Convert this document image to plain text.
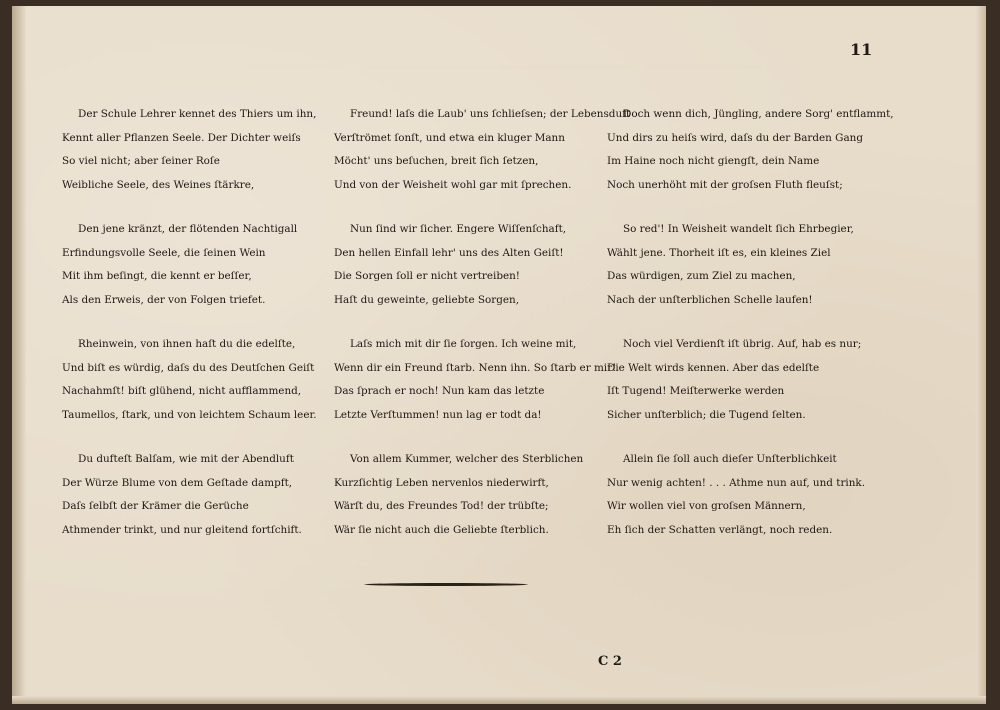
11
Der Schule Lehrer kennet des Thiers um ihn,
Kennt aller Pflanzen Seele. Der Dichter weiſs
So viel nicht; aber ſeiner Roſe
Weibliche Seele, des Weines ſtärkre,
Den jene kränzt, der flötenden Nachtigall
Erfindungsvolle Seele, die ſeinen Wein
Mit ihm beſingt, die kennt er beſſer,
Als den Erweis, der von Folgen triefet.
Rheinwein, von ihnen haſt du die edelſte,
Und biſt es würdig, daſs du des Deutſchen Geiſt
Nachahmſt! biſt glühend, nicht aufflammend,
Taumellos, ſtark, und von leichtem Schaum leer.
Du dufteſt Balſam, wie mit der Abendluft
Der Würze Blume von dem Geſtade dampft,
Daſs ſelbſt der Krämer die Gerüche
Athmender trinkt, und nur gleitend fortſchift.
Freund! laſs die Laub' uns ſchlieſsen; der Lebensduft
Verſtrömet ſonſt, und etwa ein kluger Mann
Möcht' uns beſuchen, breit ſich ſetzen,
Und von der Weisheit wohl gar mit ſprechen.
Nun ſind wir ſicher. Engere Wiſſenſchaft,
Den hellen Einfall lehr' uns des Alten Geiſt!
Die Sorgen ſoll er nicht vertreiben!
Haſt du geweinte, geliebte Sorgen,
Laſs mich mit dir ſie ſorgen. Ich weine mit,
Wenn dir ein Freund ſtarb. Nenn ihn. So ſtarb er mir!
Das ſprach er noch! Nun kam das letzte
Letzte Verſtummen! nun lag er todt da!
Von allem Kummer, welcher des Sterblichen
Kurzſichtig Leben nervenlos niederwirft,
Wärſt du, des Freundes Tod! der trübſte;
Wär ſie nicht auch die Geliebte ſterblich.
Doch wenn dich, Jüngling, andere Sorg' entflammt,
Und dirs zu heiſs wird, daſs du der Barden Gang
Im Haine noch nicht giengſt, dein Name
Noch unerhöht mit der groſsen Fluth fleuſst;
So red'! In Weisheit wandelt ſich Ehrbegier,
Wählt jene. Thorheit iſt es, ein kleines Ziel
Das würdigen, zum Ziel zu machen,
Nach der unſterblichen Schelle laufen!
Noch viel Verdienſt iſt übrig. Auf, hab es nur;
Die Welt wirds kennen. Aber das edelſte
Iſt Tugend! Meiſterwerke werden
Sicher unſterblich; die Tugend ſelten.
Allein ſie ſoll auch dieſer Unſterblichkeit
Nur wenig achten! . . . Athme nun auf, und trink.
Wir wollen viel von groſsen Männern,
Eh ſich der Schatten verlängt, noch reden.
C 2
